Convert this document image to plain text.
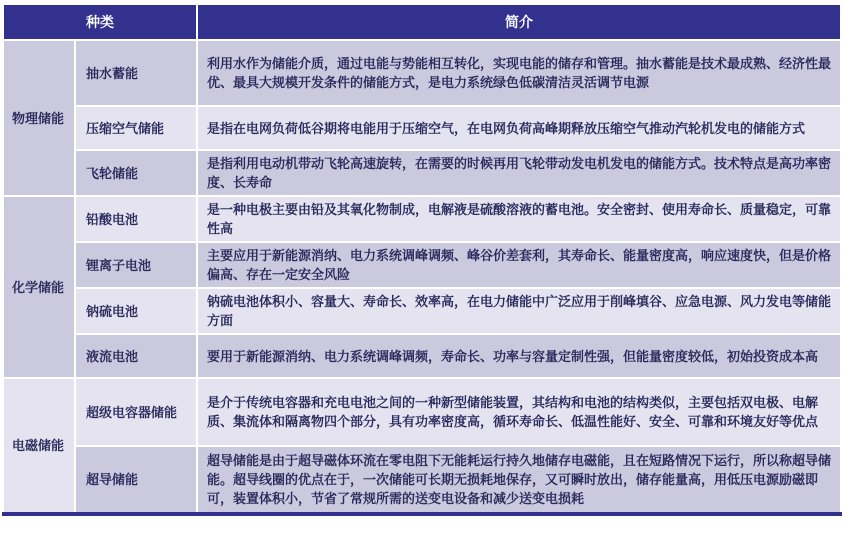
种类		简介
物理储能	抽水蓄能	利用水作为储能介质，通过电能与势能相互转化，实现电能的储存和管理。抽水蓄能是技术最成熟、经济性最优、最具大规模开发条件的储能方式，是电力系统绿色低碳清洁灵活调节电源
	压缩空气储能	是指在电网负荷低谷期将电能用于压缩空气，在电网负荷高峰期释放压缩空气推动汽轮机发电的储能方式
	飞轮储能	是指利用电动机带动飞轮高速旋转，在需要的时候再用飞轮带动发电机发电的储能方式。技术特点是高功率密度、长寿命
化学储能	铅酸电池	是一种电极主要由铅及其氧化物制成，电解液是硫酸溶液的蓄电池。安全密封、使用寿命长、质量稳定，可靠性高
	锂离子电池	主要应用于新能源消纳、电力系统调峰调频、峰谷价差套利，其寿命长、能量密度高，响应速度快，但是价格偏高、存在一定安全风险
	钠硫电池	钠硫电池体积小、容量大、寿命长、效率高，在电力储能中广泛应用于削峰填谷、应急电源、风力发电等储能方面
	液流电池	要用于新能源消纳、电力系统调峰调频，寿命长、功率与容量定制性强，但能量密度较低，初始投资成本高
电磁储能	超级电容器储能	是介于传统电容器和充电电池之间的一种新型储能装置，其结构和电池的结构类似，主要包括双电极、电解质、集流体和隔离物四个部分，具有功率密度高，循环寿命长、低温性能好、安全、可靠和环境友好等优点
	超导储能	超导储能是由于超导磁体环流在零电阻下无能耗运行持久地储存电磁能，且在短路情况下运行，所以称超导储能。超导线圈的优点在于，一次储能可长期无损耗地保存，又可瞬时放出，储存能量高，用低压电源励磁即可，装置体积小，节省了常规所需的送变电设备和减少送变电损耗
